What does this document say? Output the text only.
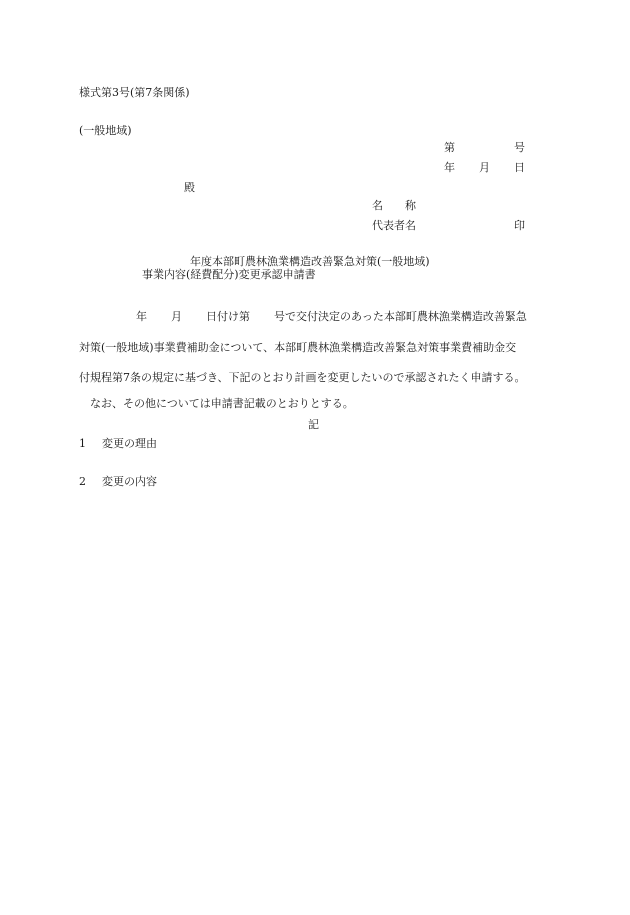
様式第3号(第7条関係)
(一般地域)
第	号
年 月 日
殿
名　　称
代表者名	印
年度本部町農林漁業構造改善緊急対策(一般地域)
事業内容(経費配分)変更承認申請書
年 月 日付け第 号で交付決定のあった本部町農林漁業構造改善緊急
対策(一般地域)事業費補助金について、本部町農林漁業構造改善緊急対策事業費補助金交
付規程第7条の規定に基づき、下記のとおり計画を変更したいので承認されたく申請する。
なお、その他については申請書記載のとおりとする。
記
1 変更の理由
2 変更の内容
